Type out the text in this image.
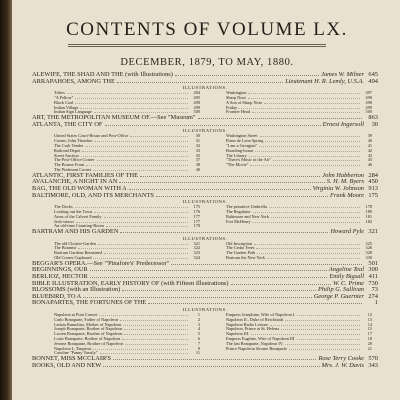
CONTENTS OF VOLUME LX.
DECEMBER, 1879, TO MAY, 1880.
ALEWIFE, THE SHAD AND THE (with Illustrations)	James W. Milner 645
ARRAPAHOES, AMONG THE	Lieutenant H. R. Lemly, U.S.A. 494
ILLUSTRATIONS.
Tribes	494
"A Fellow"	495
Black Coal	498
Indian Village	499
Indian Sign Language	500
Washington	497
Sharp Nose	498
A Son of Sharp Nose	498
Friday	499
Frontier Head	500
ART, THE METROPOLITAN MUSEUM OF.—See "Museum"	863
ATLANTA, THE CITY OF	Ernest Ingersoll	30
ILLUSTRATIONS.
United States Court-House and Post-Office	30
Corner, John Thrasher	31
The Curb Vender	32
Railroad Depot	33
Street Auction	35
The Post-Office Corner	37
The Bourse Front	38
The Piedmont Corner	40
Washington Street	39
Piano de Leon Spring	40
"I am a Georgian"	41
Boarding-house	42
The Library	43
"There's Music in the Air"	45
"The Movie"	46
ATLANTIC, FIRST FAMILIES OF THE	John Habberton 284
AVALANCHE, A NIGHT IN AN	S. H. M. Byers 450
BAG, THE OLD WOMAN WITH A	Virginia W. Johnson 913
BALTIMORE, OLD, AND ITS MERCHANTS	Frank Moore 175
ILLUSTRATIONS.
The Docks	175
Looking out the Town	176
Arms of the Calvert Family	177
Jack-straws	177
An old-time Counting-Room	178
The primitive Umbrella	178
The Regulator	180
Baltimore and New York	181
Fort McHenry	182
BARTRAM AND HIS GARDEN	Howard Pyle 321
ILLUSTRATIONS.
The old Cloister-Garden	321
The Botanist	322
Bartram Gardens Remained	323
Old Corner Cupboard	324
Old Inscription	325
The Cedar Trees	326
The Garden Path	328
Bartram the New York	330
BEGGAR'S OPERA.—See "'Pinafore's' Predecessor"	501
BEGINNINGS, OUR	Angeline Teal 300
BERLIOZ, HECTOR	Emily Bigsall 411
BIBLE ILLUSTRATION, EARLY HISTORY OF (with Fifteen Illustrations)	W. C. Prime 730
BLOSSOMS (with an Illustration)	Philip G. Sullivan	73
BLUEBIRD, TO A	George P. Guernier 274
BONAPARTES, THE FORTUNES OF THE	1
ILLUSTRATIONS.
Napoleon at Pont Couvet	1
Carlo Bonaparte, Father of Napoleon	2
Letizia Ramolino, Mother of Napoleon	3
Joseph Bonaparte, Brother of Napoleon	4
Lucien Bonaparte, Brother of Napoleon	5
Louis Bonaparte, Brother of Napoleon	6
Jerome Bonaparte, Brother of Napoleon	7
Napoleon I., Emperor	8
Caroline "Fanny Vassily"	11
Empress Josephine, Wife of Napoleon I.	12
Napoleon II., Duke of Reichstadt	13
Napoleon Radio Leisure	14
Napoleon, Prince at St. Helena	15
Napoleon III.	17
Empress Eugénie, Wife of Napoleon III.	18
The last Bonaparte, Napoleon IV.	20
Prince Napoleon Jérome Bonaparte	21
BONNET, MISS MCCLAIR'S	Rose Terry Cooke 570
BOOKS, OLD AND NEW	Mrs. J. W. Davis 343
